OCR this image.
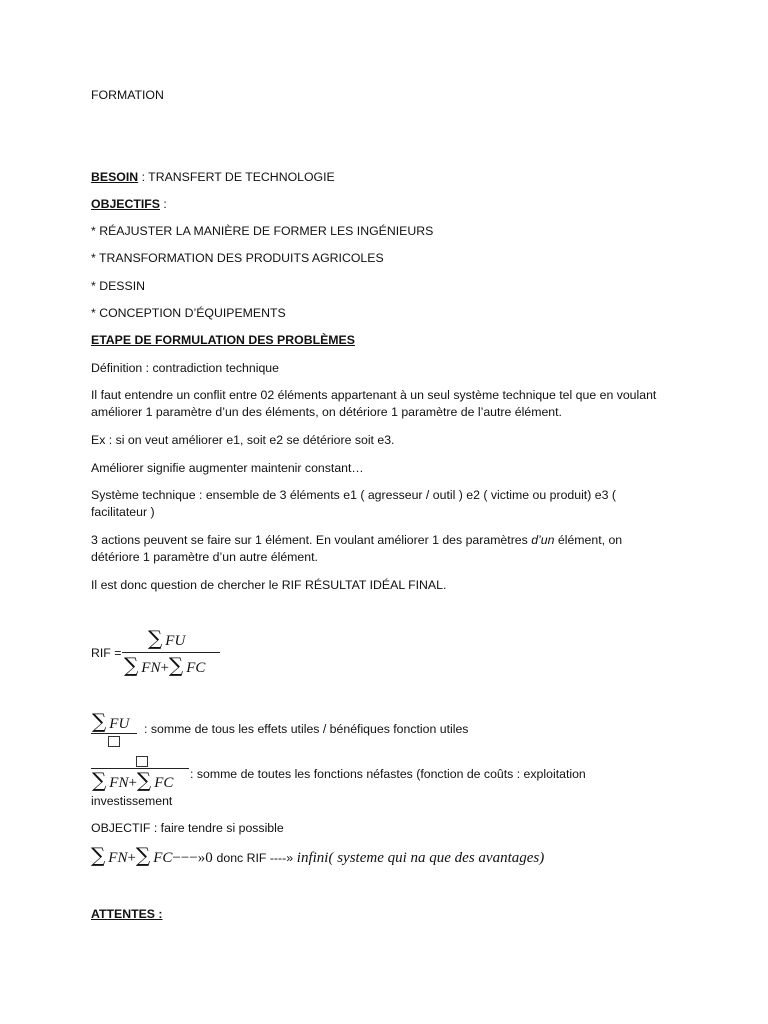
FORMATION
BESOIN : TRANSFERT DE TECHNOLOGIE
OBJECTIFS :
* RÉAJUSTER LA MANIÈRE DE FORMER LES INGÉNIEURS
* TRANSFORMATION DES PRODUITS AGRICOLES
* DESSIN
* CONCEPTION D’ÉQUIPEMENTS
ETAPE DE FORMULATION DES PROBLÈMES
Définition : contradiction technique
Il faut entendre un conflit entre 02 éléments appartenant à un seul système technique tel que en voulant améliorer 1 paramètre d’un des éléments, on détériore 1 paramètre de l’autre élément.
Ex : si on veut améliorer e1, soit e2 se détériore soit e3.
Améliorer signifie augmenter maintenir constant…
Système technique : ensemble de 3 éléments e1 ( agresseur / outil ) e2 ( victime ou produit) e3 ( facilitateur )
3 actions peuvent se faire sur 1 élément. En voulant améliorer 1 des paramètres d’un élément, on détériore 1 paramètre d’un autre élément.
Il est donc question de chercher le RIF RÉSULTAT IDÉAL FINAL.
RIF =
∑ FU
∑ FN+∑ FC
∑ FU : somme de tous les effets utiles / bénéfiques fonction utiles
∑ FN+∑ FC
: somme de toutes les fonctions néfastes (fonction de coûts : exploitation
investissement
OBJECTIF : faire tendre si possible
∑ FN+∑ FC−−−»0 donc RIF ----» infini( systeme qui na que des avantages)
ATTENTES :
